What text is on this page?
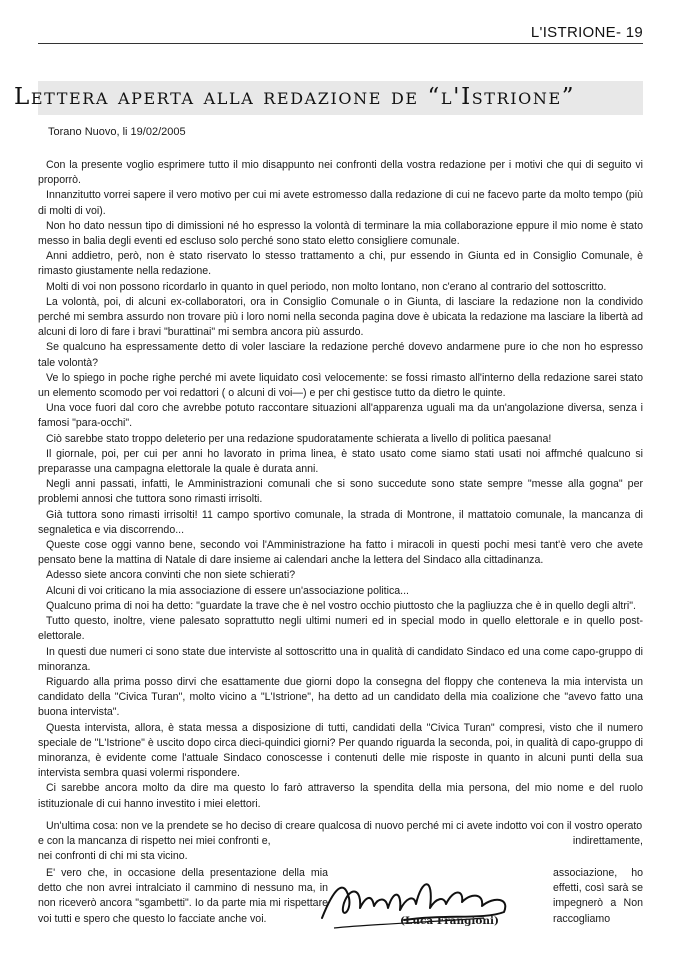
L'ISTRIONE- 19
Lettera aperta alla redazione de “l'Istrione”
Torano Nuovo, li 19/02/2005

Con la presente voglio esprimere tutto il mio disappunto nei confronti della vostra redazione per i motivi che qui di seguito vi proporrò.

Innanzitutto vorrei sapere il vero motivo per cui mi avete estromesso dalla redazione di cui ne facevo parte da molto tempo (più di molti di voi).

Non ho dato nessun tipo di dimissioni né ho espresso la volontà di terminare la mia collaborazione eppure il mio nome è stato messo in balia degli eventi ed escluso solo perché sono stato eletto consigliere comunale.

Anni addietro, però, non è stato riservato lo stesso trattamento a chi, pur essendo in Giunta ed in Consiglio Comunale, è rimasto giustamente nella redazione.

Molti di voi non possono ricordarlo in quanto in quel periodo, non molto lontano, non c'erano al contrario del sottoscritto.

La volontà, poi, di alcuni ex-collaboratori, ora in Consiglio Comunale o in Giunta, di lasciare la redazione non la condivido perché mi sembra assurdo non trovare più i loro nomi nella seconda pagina dove è ubicata la redazione ma lasciare la libertà ad alcuni di loro di fare i bravi "burattinai" mi sembra ancora più assurdo.

Se qualcuno ha espressamente detto di voler lasciare la redazione perché dovevo andarmene pure io che non ho espresso tale volontà?

Ve lo spiego in poche righe perché mi avete liquidato così velocemente: se fossi rimasto all'interno della redazione sarei stato un elemento scomodo per voi redattori ( o alcuni di voi—) e per chi gestisce tutto da dietro le quinte.

Una voce fuori dal coro che avrebbe potuto raccontare situazioni all'apparenza uguali ma da un'angolazione diversa, senza i famosi "para-occhi".

Ciò sarebbe stato troppo deleterio per una redazione spudoratamente schierata a livello di politica paesana!

Il giornale, poi, per cui per anni ho lavorato in prima linea, è stato usato come siamo stati usati noi affmché qualcuno si preparasse una campagna elettorale la quale è durata anni.

Negli anni passati, infatti, le Amministrazioni comunali che si sono succedute sono state sempre "messe alla gogna" per problemi annosi che tuttora sono rimasti irrisolti.

Già tuttora sono rimasti irrisolti! 11 campo sportivo comunale, la strada di Montrone, il mattatoio comunale, la mancanza di segnaletica e via discorrendo...

Queste cose oggi vanno bene, secondo voi l'Amministrazione ha fatto i miracoli in questi pochi mesi tant'è vero che avete pensato bene la mattina di Natale di dare insieme ai calendari anche la lettera del Sindaco alla cittadinanza.

Adesso siete ancora convinti che non siete schierati?

Alcuni di voi criticano la mia associazione di essere un'associazione politica...

Qualcuno prima di noi ha detto: "guardate la trave che è nel vostro occhio piuttosto che la pagliuzza che è in quello degli altri".

Tutto questo, inoltre, viene palesato soprattutto negli ultimi numeri ed in special modo in quello elettorale e in quello post-elettorale.

In questi due numeri ci sono state due interviste al sottoscritto una in qualità di candidato Sindaco ed una come capo-gruppo di minoranza.

Riguardo alla prima posso dirvi che esattamente due giorni dopo la consegna del floppy che conteneva la mia intervista un candidato della "Civica Turan", molto vicino a "L'Istrione", ha detto ad un candidato della mia coalizione che "avevo fatto una buona intervista".

Questa intervista, allora, è stata messa a disposizione di tutti, candidati della "Civica Turan" compresi, visto che il numero speciale de "L'Istrione" è uscito dopo circa dieci-quindici giorni? Per quando riguarda la seconda, poi, in qualità di capo-gruppo di minoranza, è evidente come l'attuale Sindaco conoscesse i contenuti delle mie risposte in quanto in alcuni punti della sua intervista sembra quasi volermi rispondere.

Ci sarebbe ancora molto da dire ma questo lo farò attraverso la spendita della mia persona, del mio nome e del ruolo istituzionale di cui hanno investito i miei elettori.

Un'ultima cosa: non ve la prendete se ho deciso di creare qualcosa di nuovo perché mi ci avete indotto voi con il vostro operato e con la mancanza di rispetto nei miei confronti e,	indirettamente,

nei confronti di chi mi sta vicino.

E' vero che, in occasione della presentazione della mia detto che non avrei intralciato il cammino di nessuno ma, in non riceverò ancora "sgambetti". Io da parte mia mi rispettare voi tutti e spero che questo lo facciate anche voi.

associazione, ho effetti, così sarà se impegnerò a Non raccogliamo

(Luca Frangioni)
